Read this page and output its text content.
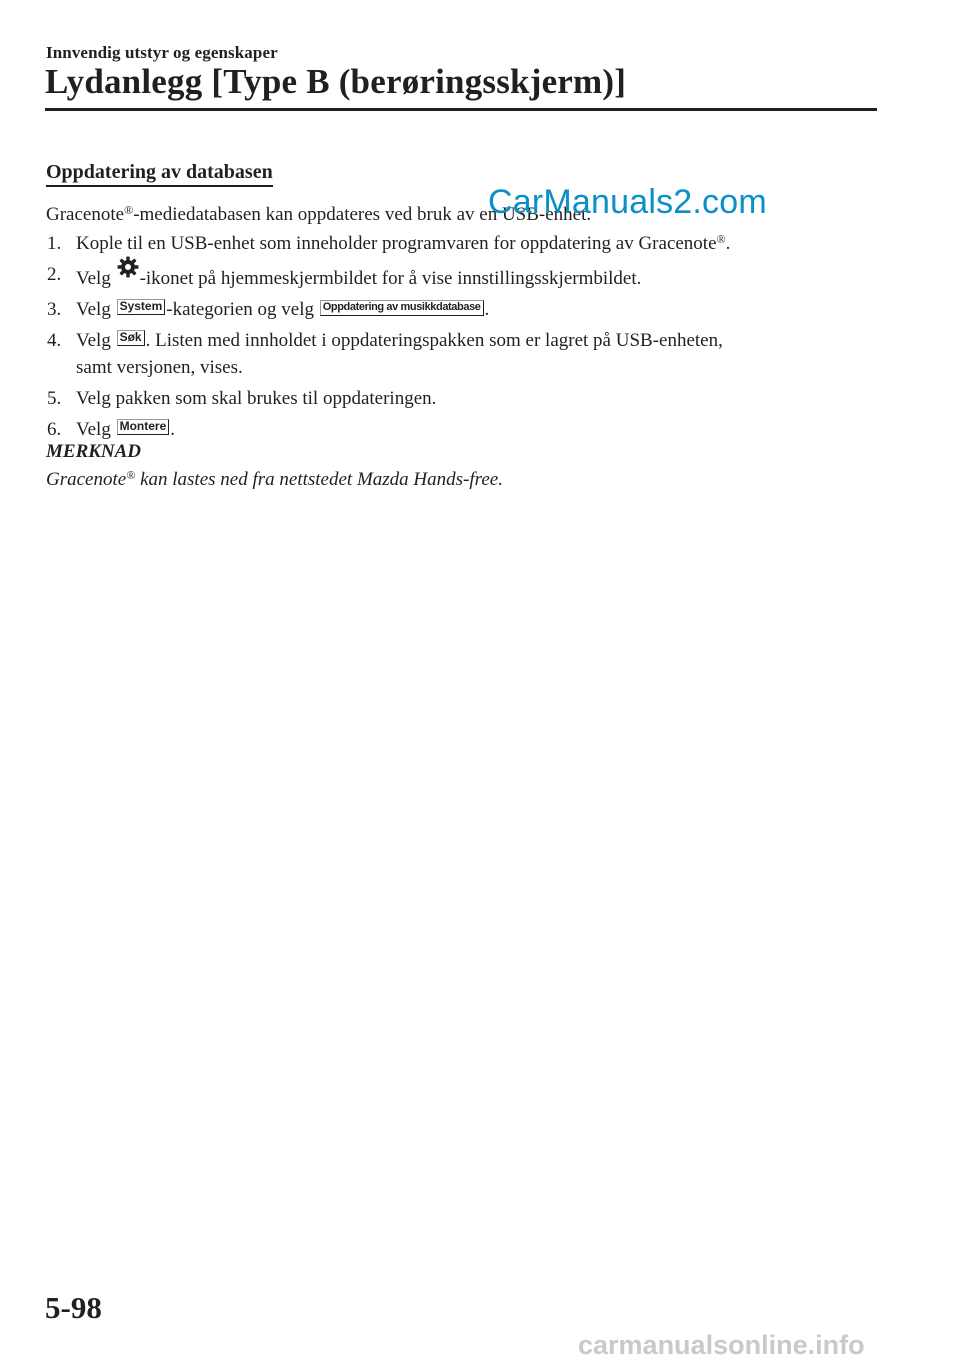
Innvendig utstyr og egenskaper
Lydanlegg [Type B (berøringsskjerm)]
Oppdatering av databasen
Gracenote®-mediedatabasen kan oppdateres ved bruk av en USB-enhet.
CarManuals2.com
1. Kople til en USB-enhet som inneholder programvaren for oppdatering av Gracenote®.
2. Velg -ikonet på hjemmeskjermbildet for å vise innstillingsskjermbildet.
3. Velg System -kategorien og velg Oppdatering av musikkdatabase .
4. Velg Søk . Listen med innholdet i oppdateringspakken som er lagret på USB-enheten,
samt versjonen, vises.
5. Velg pakken som skal brukes til oppdateringen.
6. Velg Montere .
MERKNAD
Gracenote® kan lastes ned fra nettstedet Mazda Hands-free.
5-98
carmanualsonline.info
